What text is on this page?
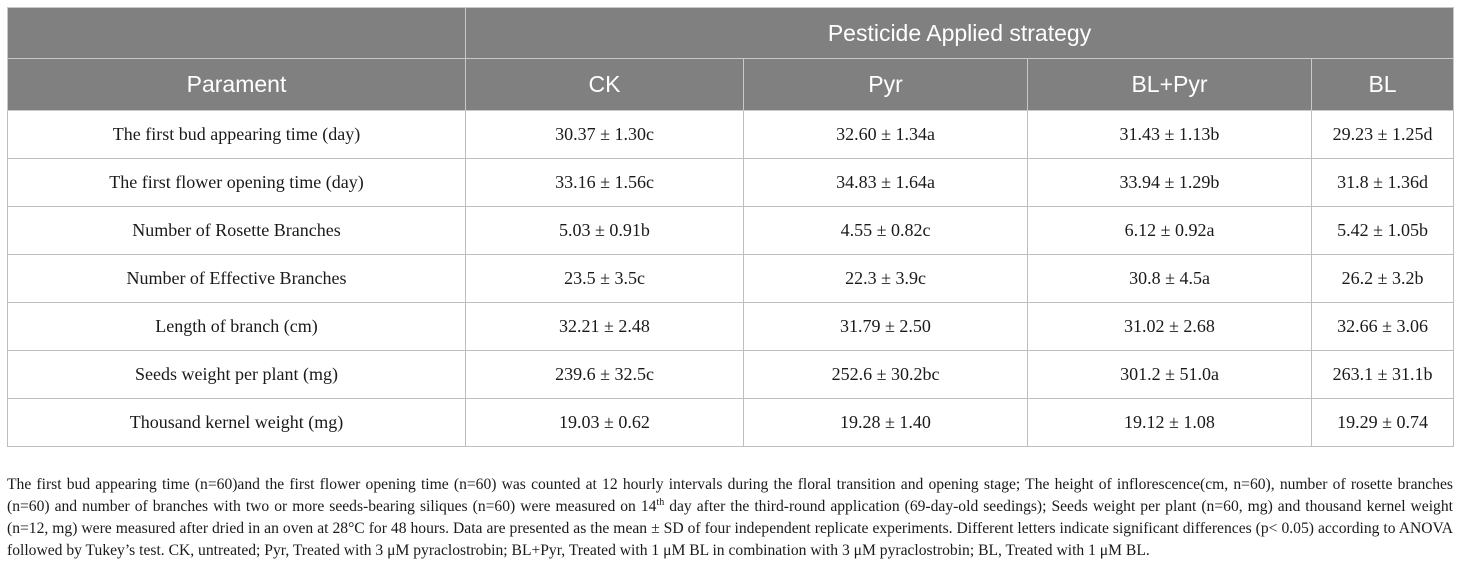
	Pesticide Applied strategy			
Parament	CK	Pyr	BL+Pyr	BL
The first bud appearing time (day)	30.37 ± 1.30c	32.60 ± 1.34a	31.43 ± 1.13b	29.23 ± 1.25d
The first flower opening time (day)	33.16 ± 1.56c	34.83 ± 1.64a	33.94 ± 1.29b	31.8 ± 1.36d
Number of Rosette Branches	5.03 ± 0.91b	4.55 ± 0.82c	6.12 ± 0.92a	5.42 ± 1.05b
Number of Effective Branches	23.5 ± 3.5c	22.3 ± 3.9c	30.8 ± 4.5a	26.2 ± 3.2b
Length of branch (cm)	32.21 ± 2.48	31.79 ± 2.50	31.02 ± 2.68	32.66 ± 3.06
Seeds weight per plant (mg)	239.6 ± 32.5c	252.6 ± 30.2bc	301.2 ± 51.0a	263.1 ± 31.1b
Thousand kernel weight (mg)	19.03 ± 0.62	19.28 ± 1.40	19.12 ± 1.08	19.29 ± 0.74

The first bud appearing time (n=60)and the first flower opening time (n=60) was counted at 12 hourly intervals during the floral transition and opening stage; The height of inflorescence(cm, n=60), number of rosette branches (n=60) and number of branches with two or more seeds-bearing siliques (n=60) were measured on 14th day after the third-round application (69-day-old seedings); Seeds weight per plant (n=60, mg) and thousand kernel weight (n=12, mg) were measured after dried in an oven at 28°C for 48 hours. Data are presented as the mean ± SD of four independent replicate experiments. Different letters indicate significant differences (p< 0.05) according to ANOVA followed by Tukey’s test. CK, untreated; Pyr, Treated with 3 μM pyraclostrobin; BL+Pyr, Treated with 1 μM BL in combination with 3 μM pyraclostrobin; BL, Treated with 1 μM BL.
